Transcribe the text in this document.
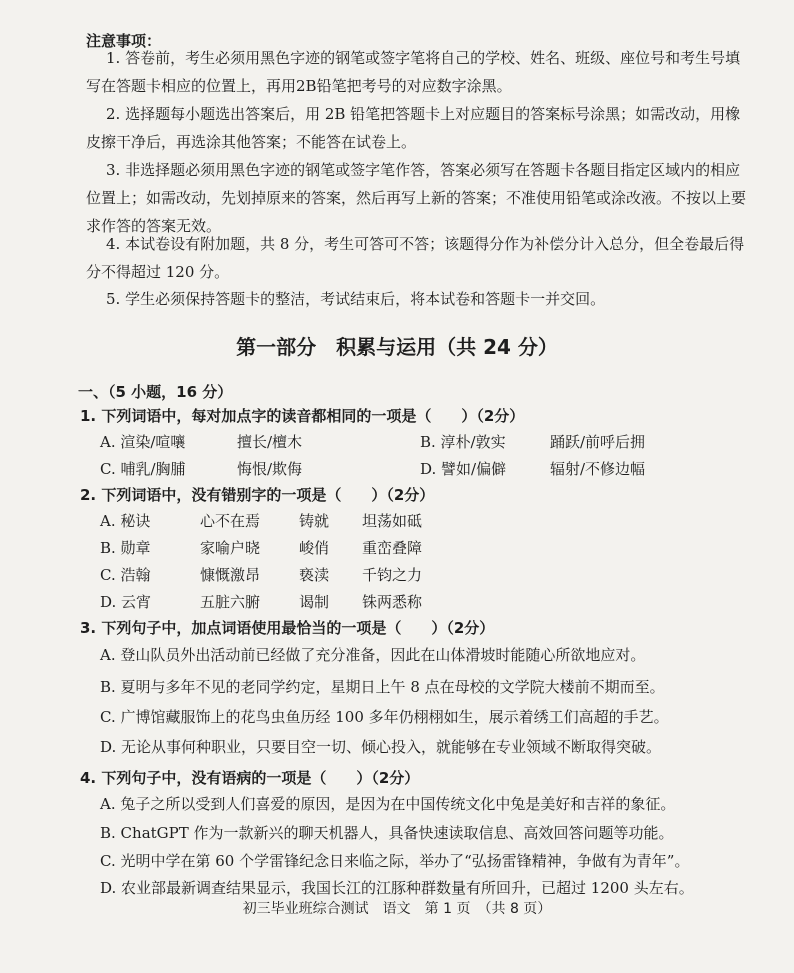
注意事项：
1. 答卷前，考生必须用黑色字迹的钢笔或签字笔将自己的学校、姓名、班级、座位号和考生号填写在答题卡相应的位置上，再用2B铅笔把考号的对应数字涂黑。
2. 选择题每小题选出答案后，用 2B 铅笔把答题卡上对应题目的答案标号涂黑；如需改动，用橡皮擦干净后，再选涂其他答案；不能答在试卷上。
3. 非选择题必须用黑色字迹的钢笔或签字笔作答，答案必须写在答题卡各题目指定区域内的相应位置上；如需改动，先划掉原来的答案，然后再写上新的答案；不准使用铅笔或涂改液。不按以上要求作答的答案无效。
4. 本试卷设有附加题，共 8 分，考生可答可不答；该题得分作为补偿分计入总分，但全卷最后得分不得超过 120 分。
5. 学生必须保持答题卡的整洁，考试结束后，将本试卷和答题卡一并交回。
第一部分　积累与运用（共 24 分）
一、（5 小题，16 分）
1. 下列词语中，每对加点字的读音都相同的一项是（　　）（2分）
A. 渲染/喧嚷	擅长/檀木	B. 淳朴/敦实	踊跃/前呼后拥
C. 哺乳/胸脯	悔恨/欺侮	D. 譬如/偏僻	辐射/不修边幅
2. 下列词语中，没有错别字的一项是（　　）（2分）
A. 秘诀	心不在焉	铸就 坦荡如砥
B. 勋章	家喻户晓	峻俏 重峦叠障
C. 浩翰	慷慨激昂	亵渎 千钧之力
D. 云宵	五脏六腑	谒制 铢两悉称
3. 下列句子中，加点词语使用最恰当的一项是（　　）（2分）
A. 登山队员外出活动前已经做了充分准备，因此在山体滑坡时能随心所欲地应对。
B. 夏明与多年不见的老同学约定，星期日上午 8 点在母校的文学院大楼前不期而至。
C. 广博馆藏服饰上的花鸟虫鱼历经 100 多年仍栩栩如生，展示着绣工们高超的手艺。
D. 无论从事何种职业，只要目空一切、倾心投入，就能够在专业领域不断取得突破。
4. 下列句子中，没有语病的一项是（　　）（2分）
A. 兔子之所以受到人们喜爱的原因，是因为在中国传统文化中兔是美好和吉祥的象征。
B. ChatGPT 作为一款新兴的聊天机器人，具备快速读取信息、高效回答问题等功能。
C. 光明中学在第 60 个学雷锋纪念日来临之际，举办了“弘扬雷锋精神，争做有为青年”。
D. 农业部最新调查结果显示，我国长江的江豚种群数量有所回升，已超过 1200 头左右。
初三毕业班综合测试　语文　第 1 页　（共 8 页）
